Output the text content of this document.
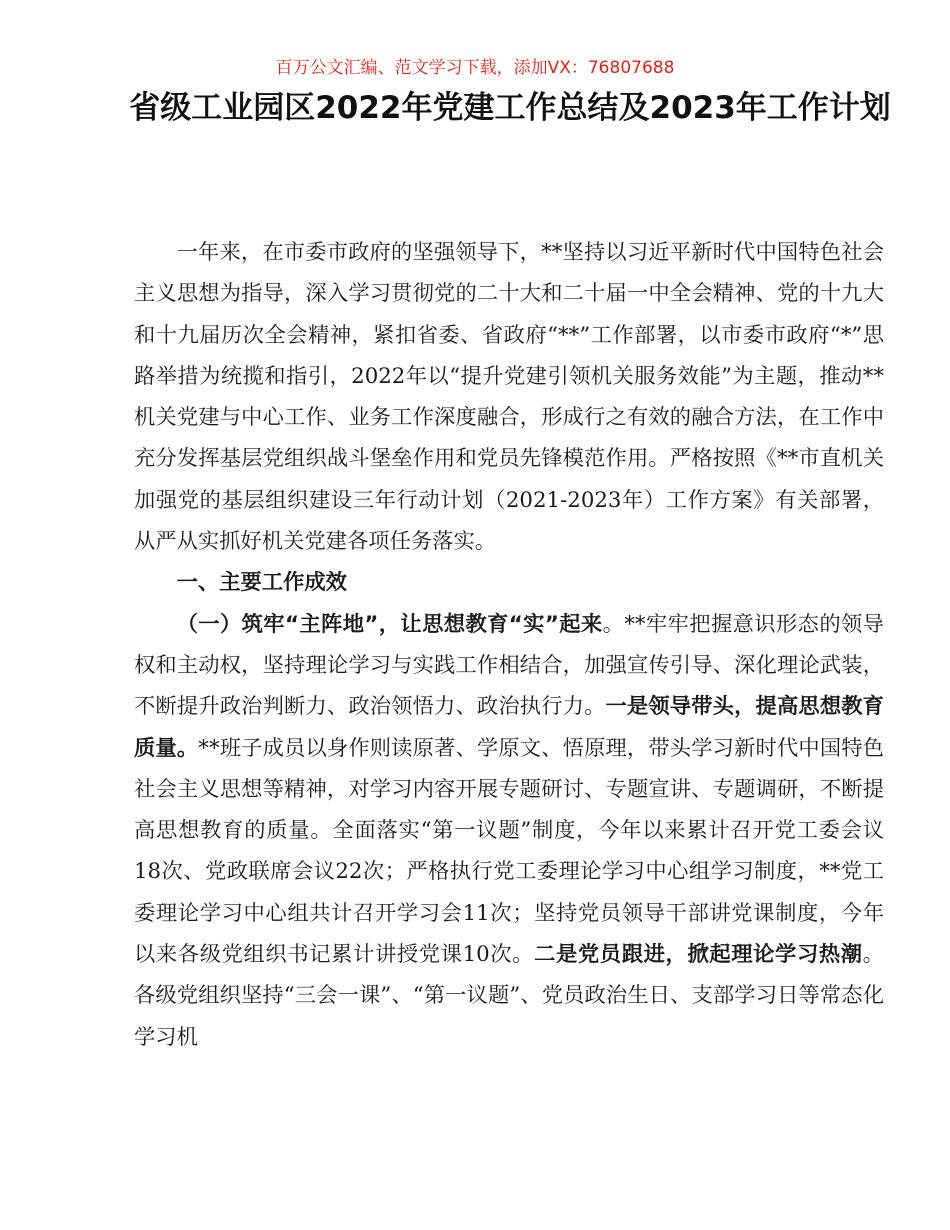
百万公文汇编、范文学习下载，添加VX：76807688

省级工业园区2022年党建工作总结及2023年工作计划

一年来，在市委市政府的坚强领导下，**坚持以习近平新时代中国特色社会主义思想为指导，深入学习贯彻党的二十大和二十届一中全会精神、党的十九大和十九届历次全会精神，紧扣省委、省政府“**”工作部署，以市委市政府“*”思路举措为统揽和指引，2022年以“提升党建引领机关服务效能”为主题，推动**机关党建与中心工作、业务工作深度融合，形成行之有效的融合方法，在工作中充分发挥基层党组织战斗堡垒作用和党员先锋模范作用。严格按照《**市直机关加强党的基层组织建设三年行动计划（2021-2023年）工作方案》有关部署，从严从实抓好机关党建各项任务落实。

一、主要工作成效

（一）筑牢“主阵地”，让思想教育“实”起来。**牢牢把握意识形态的领导权和主动权，坚持理论学习与实践工作相结合，加强宣传引导、深化理论武装，不断提升政治判断力、政治领悟力、政治执行力。一是领导带头，提高思想教育质量。**班子成员以身作则读原著、学原文、悟原理，带头学习新时代中国特色社会主义思想等精神，对学习内容开展专题研讨、专题宣讲、专题调研，不断提高思想教育的质量。全面落实“第一议题”制度，今年以来累计召开党工委会议18次、党政联席会议22次；严格执行党工委理论学习中心组学习制度，**党工委理论学习中心组共计召开学习会11次；坚持党员领导干部讲党课制度，今年以来各级党组织书记累计讲授党课10次。二是党员跟进，掀起理论学习热潮。各级党组织坚持“三会一课”、“第一议题”、党员政治生日、支部学习日等常态化学习机
